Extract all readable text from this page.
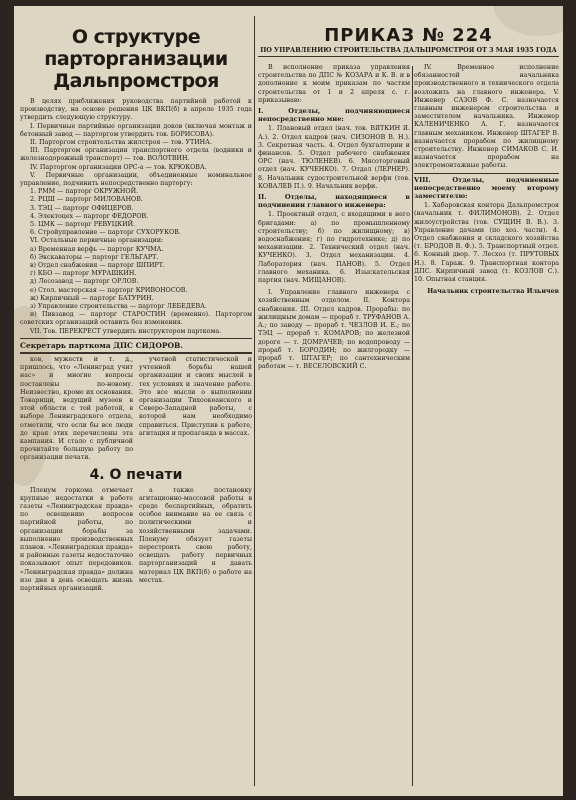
О структуре парторганизации Дальпромстроя

В целях приближения руководства партийной работой к производству, на основе решения ЦК ВКП(б) в апреле 1935 года утвердить следующую структуру.

I. Первичные партийные организации доков (включая монтаж и бетонный завод — парторгом утвердить тов. БОРИСОВА).

II. Парторгом строительства жилстроя — тов. УТИНА.

III. Парторгом организации транспортного отдела (водники и железнодорожный транспорт) — тов. ВОЛОТВИН.

IV. Парторгом организации ОРС-а — тов. КРЮКОВА.

V. Первичные организации, объединенные номинальное управление, подчинить непосредственно парторгу:

1. РММ — парторг ОКРУЖНОЙ.

2. РЦШ — парторг МИЛОВАНОВ.

3. ТЭЦ — парторг ОФИЦЕРОВ.

4. Электоцех — парторг ФЕДОРОВ.

5. ЦМК — парторг РЕВУЦКИЙ.

6. Стройуправление — парторг СУХОРУКОВ.

VI. Остальные первичные организации:

а) Временная верфь — парторг КУЧМА.

б) Экскаваторы — парторг ГЕЛЬГАРТ.

в) Отдел снабжения — парторг ШПИРТ.

г) КБО — парторг МУРАШКИН.

д) Лесозавод — парторг ОРЛОВ.

е) Стол. мастерская — парторг КРИВОНОСОВ.

ж) Кирпичный — парторг БАТУРИН.

з) Управление строительства — парторг ЛЕБЕДЕВА.

и) Пивзавод — парторг СТАРОСТИН (временно). Парторгом советских организаций оставить без изменения.

VII. Тов. ПЕРЕКРЕСТ утвердить инструктором парткома.

Секретарь парткома ДПС СИДОРОВ.

ков, мужеств и т. д., пришлось, что «Ленинград учит нас» и многие вопросы поставлены по-новому. Неизвестно, кроме их основания. Товарищи, ведущий музеев в этой области с той работой, в выборе Ленинградского отдела, отметили, что если бы все люди до края этих перечислены эта кампания. И стало с публичной прочитайте большую работу по организации печати.

учетной статистической и учтенной борьбы нашей организации и своих мыслей в тех условиях и значение работе. Это все мысли о выполнении организации Тихоокеанского и Северо-Западной работы, с которой нам необходимо справиться. Приступив к работе, агитация и пропаганда в массах.

4. О печати

Пленум горкома отмечает крупные недостатки в работе газеты «Ленинградская правда» по освещению вопросов партийной работы, по организации борьбы за выполнение производственных планов. «Ленинградская правда» и районные газеты недостаточно показывают опыт передовиков. «Ленинградская правда» должна изо дня в день освещать жизнь партийных организаций.

а также постановку агитационно-массовой работы в среде беспартийных, обратить особое внимание на ее связь с политическими и хозяйственными задачами. Пленуму обязует газеты перестроить свою работу, освещать работу первичных парторганизаций и давать материал ЦК ВКП(б) о работе на местах.

ПРИКАЗ № 224
ПО УПРАВЛЕНИЮ СТРОИТЕЛЬСТВА ДАЛЬПРОМСТРОЯ ОТ 3 МАЯ 1935 ГОДА

В исполнение приказа управления строительства по ДПС № КОЗАРА и К. В. и в дополнение к моим приказам по частям строительства от 1 и 2 апреля с. г. приказываю:

I. Отделы, подчиняющиеся непосредственно мне:

1. Плановый отдел (нач. тов. ВЯТКИН Я. А.). 2. Отдел кадров (нач. СИЗОНОВ В. Н.). 3. Секретная часть. 4. Отдел бухгалтерии и финансов. 5. Отдел рабочего снабжения ОРС (нач. ТЮЛЕНЕВ). 6. Мясоторговый отдел (нач. КУЧЕНКО). 7. Отдел (ЛЕРНЕР). 8. Начальник судостроительной верфи (тов. КОВАЛЕВ П.). 9. Начальник верфи.

II. Отделы, находящиеся в подчинении главного инженера:

1. Проектный отдел, с входящими в него бригадами: а) по промышленному строительству; б) по жилищному; в) водоснабжения; г) по гидротехнике; д) по механизации. 2. Технический отдел (нач. КУЧЕНКО). 3. Отдел механизации. 4. Лаборатория (нач. ПАНОВ). 5. Отдел главного механика. 6. Изыскательская партия (нач. МИЩАНОВ).

I. Управление главного инженера с хозяйственным отделом. II. Контора снабжения. III. Отдел кадров. Прорабы: по жилищным домам — прораб т. ТРУФАНОВ А. А.; по заводу — прораб т. ЧЕЗЛОВ И. Е.; по ТЭЦ — прораб т. КОМАРОВ; по железной дороге — т. ДОМРАЧЕВ; по водопроводу — прораб т. БОРОДИН; по жилгородку — прораб т. ШТАГЕР; по сантехническим работам — т. ВЕСЕЛОВСКИЙ С.

IV. Временное исполнение обязанностей начальника производственного и технического отдела возложить на главного инженера. V. Инженер САЗОВ Ф. С. назначается главным инженером строительства и заместителем начальника. Инженер КАЛЕНИЧЕНКО А. Г. назначается главным механиком. Инженер ШТАГЕР В. назначается прорабом по жилищному строительству. Инженер СИМАКОВ С. И. назначается прорабом на электромонтажные работы.

VIII. Отделы, подчиненные непосредственно моему второму заместителю:

1. Хабаровская контора Дальпромстроя (начальник т. ФИЛИМОНОВ). 2. Отдел жилоустройства (тов. СУЩИН В. В.). 3. Управление дачами (по хоз. части). 4. Отдел снабжения и складского хозяйства (т. БРОДОВ В. Ф.). 5. Транспортный отдел. 6. Конный двор. 7. Лесхоз (т. ПРУТОВЫХ Н.). 8. Гараж. 9. Транспортная контора ДПС. Кирпичный завод (т. КОЗЛОВ С.). 10. Опытная станция.

Начальник строительства Ильичев
